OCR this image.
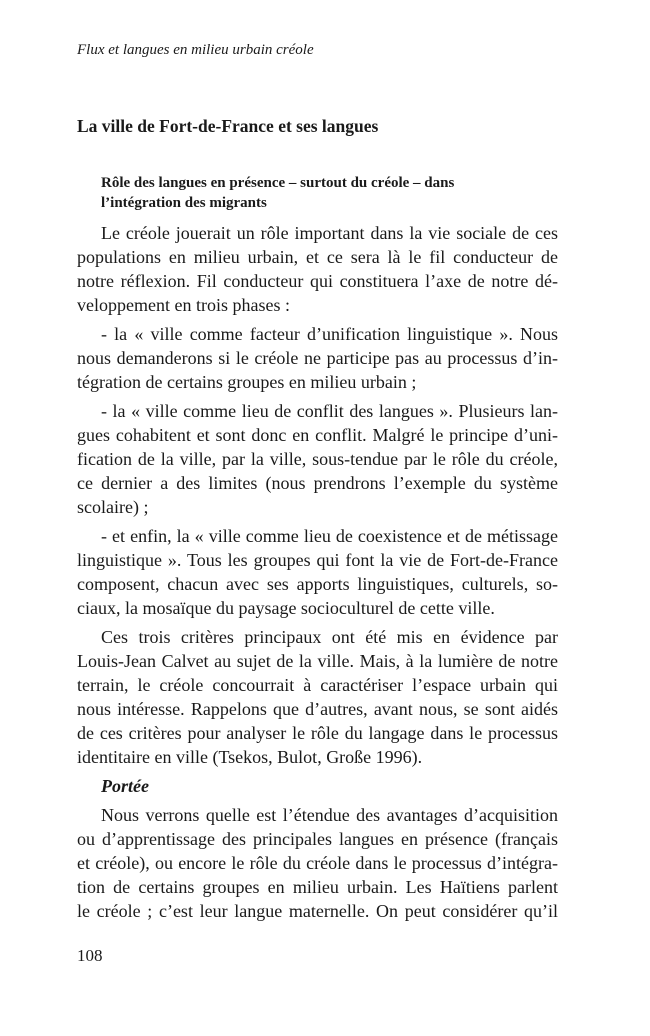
Flux et langues en milieu urbain créole
La ville de Fort-de-France et ses langues
Rôle des langues en présence – surtout du créole – dans
l’intégration des migrants
Le créole jouerait un rôle important dans la vie sociale de ces
populations en milieu urbain, et ce sera là le fil conducteur de
notre réflexion. Fil conducteur qui constituera l’axe de notre dé-
veloppement en trois phases :
- la « ville comme facteur d’unification linguistique ». Nous
nous demanderons si le créole ne participe pas au processus d’in-
tégration de certains groupes en milieu urbain ;
- la « ville comme lieu de conflit des langues ». Plusieurs lan-
gues cohabitent et sont donc en conflit. Malgré le principe d’uni-
fication de la ville, par la ville, sous-tendue par le rôle du créole,
ce dernier a des limites (nous prendrons l’exemple du système
scolaire) ;
- et enfin, la « ville comme lieu de coexistence et de métissage
linguistique ». Tous les groupes qui font la vie de Fort-de-France
composent, chacun avec ses apports linguistiques, culturels, so-
ciaux, la mosaïque du paysage socioculturel de cette ville.
Ces trois critères principaux ont été mis en évidence par
Louis-Jean Calvet au sujet de la ville. Mais, à la lumière de notre
terrain, le créole concourrait à caractériser l’espace urbain qui
nous intéresse. Rappelons que d’autres, avant nous, se sont aidés
de ces critères pour analyser le rôle du langage dans le processus
identitaire en ville (Tsekos, Bulot, Große 1996).
Portée
Nous verrons quelle est l’étendue des avantages d’acquisition
ou d’apprentissage des principales langues en présence (français
et créole), ou encore le rôle du créole dans le processus d’intégra-
tion de certains groupes en milieu urbain. Les Haïtiens parlent
le créole ; c’est leur langue maternelle. On peut considérer qu’il
108
